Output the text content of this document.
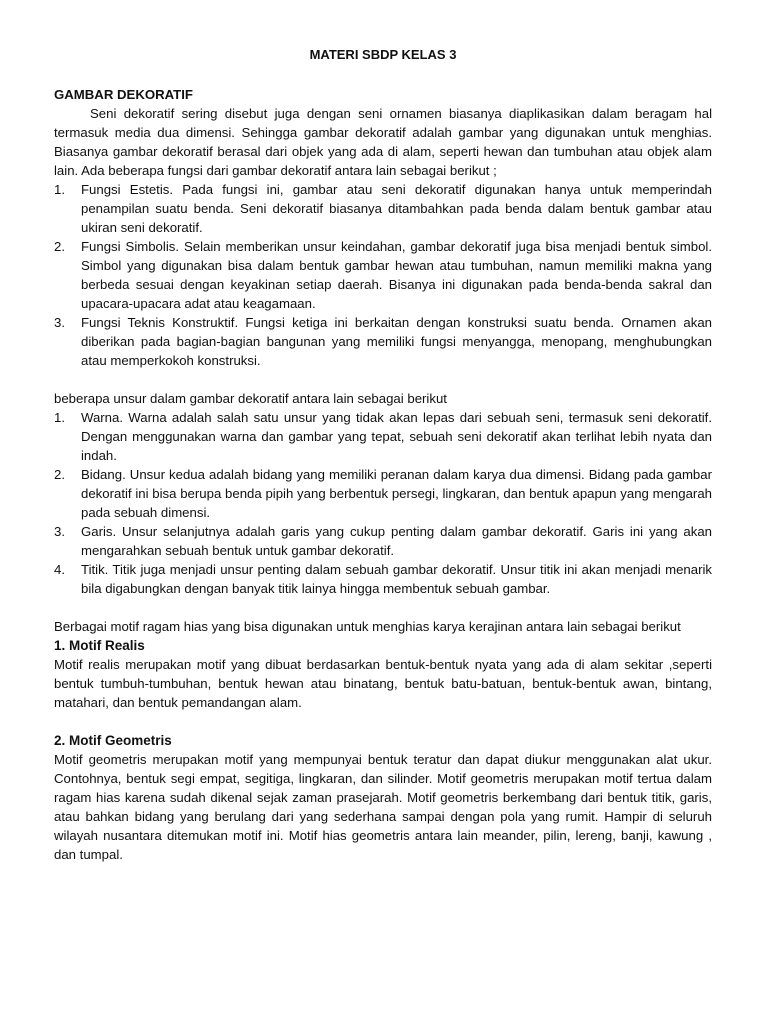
MATERI SBDP KELAS 3
GAMBAR DEKORATIF

Seni dekoratif sering disebut juga dengan seni ornamen biasanya diaplikasikan dalam beragam hal termasuk media dua dimensi. Sehingga gambar dekoratif adalah gambar yang digunakan untuk menghias. Biasanya gambar dekoratif berasal dari objek yang ada di alam, seperti hewan dan tumbuhan atau objek alam lain. Ada beberapa fungsi dari gambar dekoratif antara lain sebagai berikut ;

1. Fungsi Estetis. Pada fungsi ini, gambar atau seni dekoratif digunakan hanya untuk memperindah penampilan suatu benda. Seni dekoratif biasanya ditambahkan pada benda dalam bentuk gambar atau ukiran seni dekoratif.
2. Fungsi Simbolis. Selain memberikan unsur keindahan, gambar dekoratif juga bisa menjadi bentuk simbol. Simbol yang digunakan bisa dalam bentuk gambar hewan atau tumbuhan, namun memiliki makna yang berbeda sesuai dengan keyakinan setiap daerah. Bisanya ini digunakan pada benda-benda sakral dan upacara-upacara adat atau keagamaan.
3. Fungsi Teknis Konstruktif. Fungsi ketiga ini berkaitan dengan konstruksi suatu benda. Ornamen akan diberikan pada bagian-bagian bangunan yang memiliki fungsi menyangga, menopang, menghubungkan atau memperkokoh konstruksi.

beberapa unsur dalam gambar dekoratif antara lain sebagai berikut

1. Warna. Warna adalah salah satu unsur yang tidak akan lepas dari sebuah seni, termasuk seni dekoratif. Dengan menggunakan warna dan gambar yang tepat, sebuah seni dekoratif akan terlihat lebih nyata dan indah.
2. Bidang. Unsur kedua adalah bidang yang memiliki peranan dalam karya dua dimensi. Bidang pada gambar dekoratif ini bisa berupa benda pipih yang berbentuk persegi, lingkaran, dan bentuk apapun yang mengarah pada sebuah dimensi.
3. Garis. Unsur selanjutnya adalah garis yang cukup penting dalam gambar dekoratif. Garis ini yang akan mengarahkan sebuah bentuk untuk gambar dekoratif.
4. Titik. Titik juga menjadi unsur penting dalam sebuah gambar dekoratif. Unsur titik ini akan menjadi menarik bila digabungkan dengan banyak titik lainya hingga membentuk sebuah gambar.

Berbagai motif ragam hias yang bisa digunakan untuk menghias karya kerajinan antara lain sebagai berikut

1. Motif Realis

Motif realis merupakan motif yang dibuat berdasarkan bentuk-bentuk nyata yang ada di alam sekitar ,seperti bentuk tumbuh-tumbuhan, bentuk hewan atau binatang, bentuk batu-batuan, bentuk-bentuk awan, bintang, matahari, dan bentuk pemandangan alam.

2. Motif Geometris

Motif geometris merupakan motif yang mempunyai bentuk teratur dan dapat diukur menggunakan alat ukur. Contohnya, bentuk segi empat, segitiga, lingkaran, dan silinder. Motif geometris merupakan motif tertua dalam ragam hias karena sudah dikenal sejak zaman prasejarah. Motif geometris berkembang dari bentuk titik, garis, atau bahkan bidang yang berulang dari yang sederhana sampai dengan pola yang rumit. Hampir di seluruh wilayah nusantara ditemukan motif ini. Motif hias geometris antara lain meander, pilin, lereng, banji, kawung , dan tumpal.
